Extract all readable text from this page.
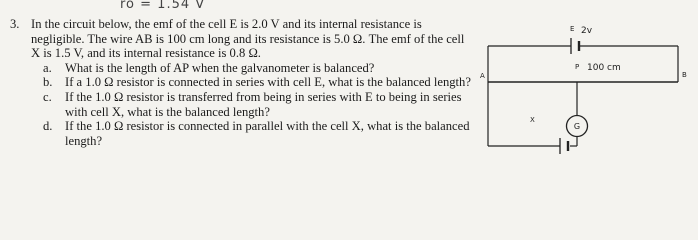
ro = 1.54 V
3. In the circuit below, the emf of the cell E is 2.0 V and its internal resistance is negligible. The wire AB is 100 cm long and its resistance is 5.0 Ω. The emf of the cell X is 1.5 V, and its internal resistance is 0.8 Ω.
a. What is the length of AP when the galvanometer is balanced?
b. If a 1.0 Ω resistor is connected in series with cell E, what is the balanced length?
c. If the 1.0 Ω resistor is transferred from being in series with E to being in series with cell X, what is the balanced length?
d. If the 1.0 Ω resistor is connected in parallel with the cell X, what is the balanced length?
E 2v
A	B
P 100 cm
X
G
